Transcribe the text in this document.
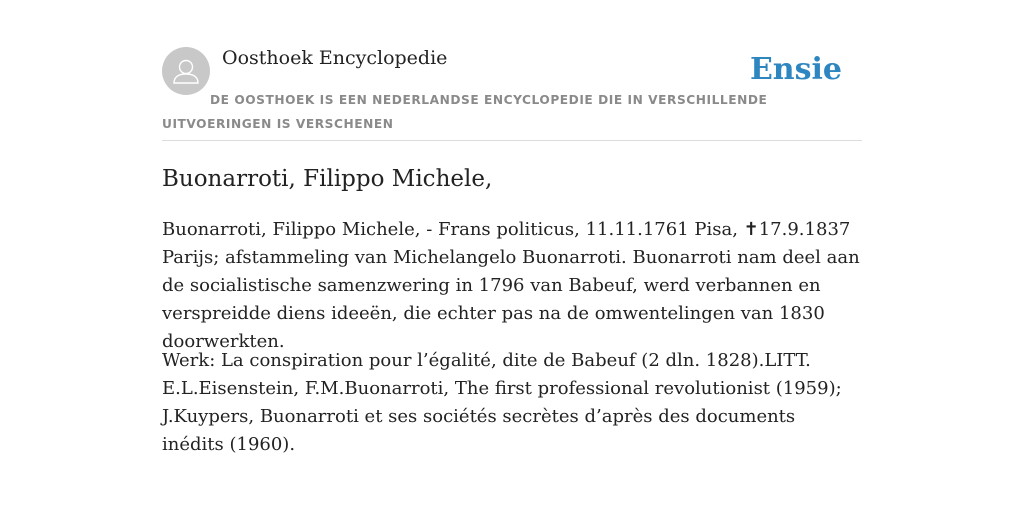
Oosthoek Encyclopedie	Ensie
DE OOSTHOEK IS EEN NEDERLANDSE ENCYCLOPEDIE DIE IN VERSCHILLENDE UITVOERINGEN IS VERSCHENEN
Buonarroti, Filippo Michele,

Buonarroti, Filippo Michele, - Frans politicus, 11.11.1761 Pisa, ✝17.9.1837 Parijs; afstammeling van Michelangelo Buonarroti. Buonarroti nam deel aan de socialistische samenzwering in 1796 van Babeuf, werd verbannen en verspreidde diens ideeën, die echter pas na de omwentelingen van 1830 doorwerkten.

Werk: La conspiration pour l’égalité, dite de Babeuf (2 dln. 1828).LITT. E.L.Eisenstein, F.M.Buonarroti, The first professional revolutionist (1959); J.Kuypers, Buonarroti et ses sociétés secrètes d’après des documents inédits (1960).
